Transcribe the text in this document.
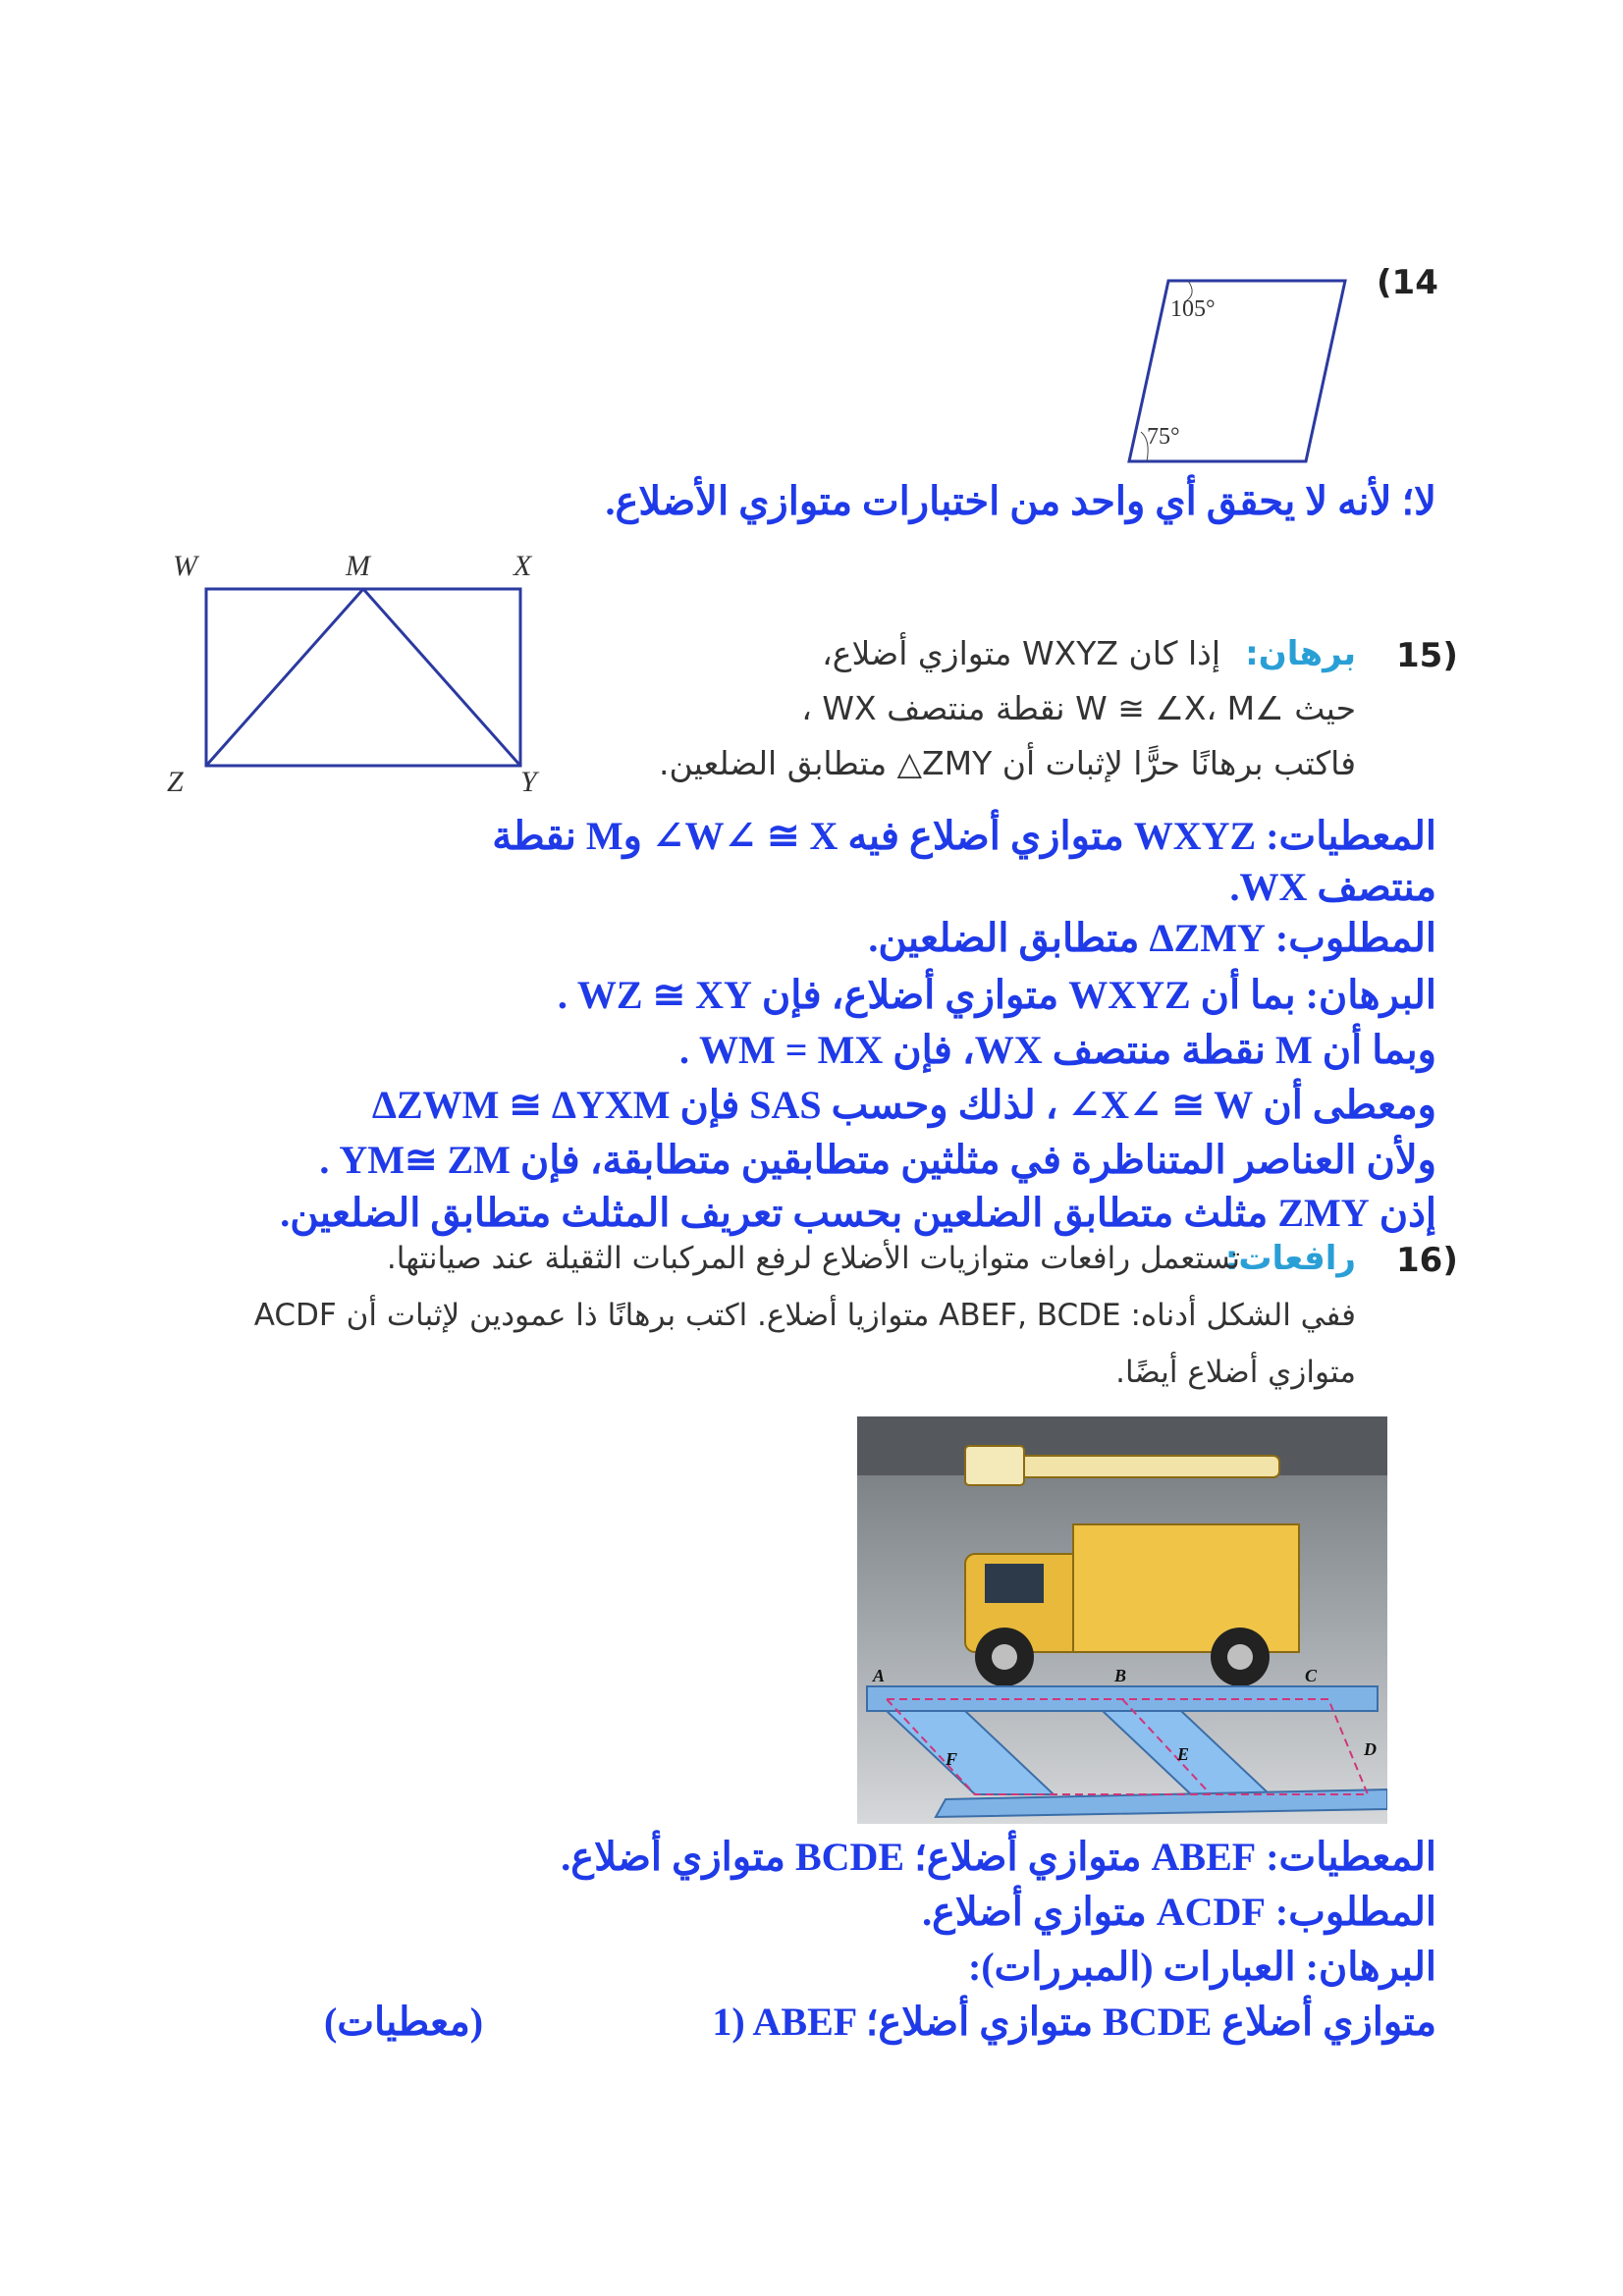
(14
105°
75°
لا؛ لأنه لا يحقق أي واحد من اختبارات متوازي الأضلاع.
W	M	X
Z	Y
15)
برهان:
إذا كان WXYZ متوازي أضلاع،
حيث ∠W ≅ ∠X، M نقطة منتصف WX ،
فاكتب برهانًا حرًّا لإثبات أن ZMY△ متطابق الضلعين.
المعطيات: WXYZ متوازي أضلاع فيه W∠ ≅ X∠ وM نقطة
منتصف WX.
المطلوب: ΔZMY متطابق الضلعين.
البرهان: بما أن WXYZ متوازي أضلاع، فإن WZ ≅ XY .
وبما أن M نقطة منتصف WX، فإن WM = MX .
ومعطى أن X∠ ≅ W∠ ، لذلك وحسب SAS فإن ΔZWM ≅ ΔYXM
ولأن العناصر المتناظرة في مثلثين متطابقين متطابقة، فإن YM≅ ZM .
إذن ZMY مثلث متطابق الضلعين بحسب تعريف المثلث متطابق الضلعين.
16)
رافعات:
تستعمل رافعات متوازيات الأضلاع لرفع المركبات الثقيلة عند صيانتها.
ففي الشكل أدناه: ABEF, BCDE متوازيا أضلاع. اكتب برهانًا ذا عمودين لإثبات أن ACDF
متوازي أضلاع أيضًا.
A	B	C
D
E
F
المعطيات: ABEF متوازي أضلاع؛ BCDE متوازي أضلاع.
المطلوب: ACDF متوازي أضلاع.
البرهان: العبارات (المبررات):
1) ABEF متوازي أضلاع؛ BCDE متوازي أضلاع
(معطيات)
